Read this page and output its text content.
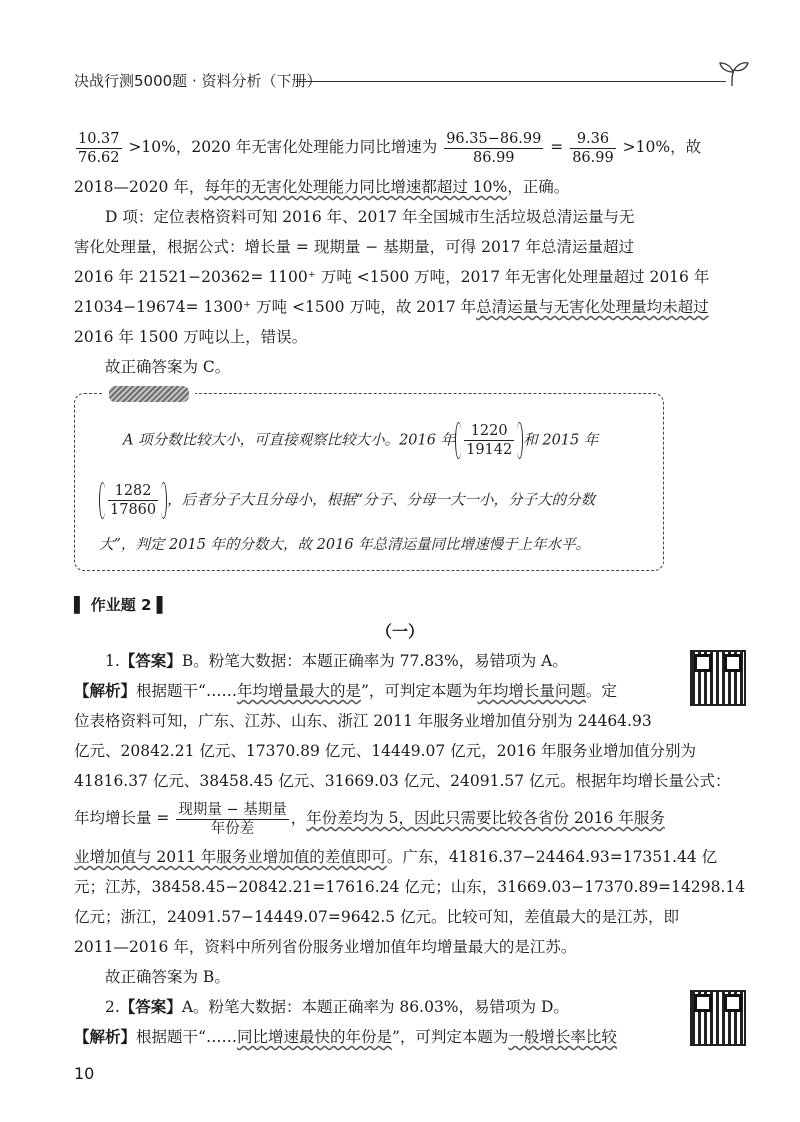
决战行测5000题 · 资料分析（下册）
$\frac{10.37}{76.62} >10\%$，2020 年无害化处理能力同比增速为 $\frac{96.35-86.99}{86.99} = \frac{9.36}{86.99} >10\%$，故
2018—2020 年，每年的无害化处理能力同比增速都超过 10%，正确。
D 项：定位表格资料可知 2016 年、2017 年全国城市生活垃圾总清运量与无
害化处理量，根据公式：增长量 = 现期量 − 基期量，可得 2017 年总清运量超过
2016 年 21521−20362= 1100⁺ 万吨 <1500 万吨，2017 年无害化处理量超过 2016 年
21034−19674= 1300⁺ 万吨 <1500 万吨，故 2017 年总清运量与无害化处理量均未超过
2016 年 1500 万吨以上，错误。
故正确答案为 C。
A 项分数比较大小，可直接观察比较大小。2016 年 $\frac{1220}{19142}$ 和 2015 年
$\frac{1282}{17860}$ ，后者分子大且分母小，根据“分子、分母一大一小，分子大的分数
大”，判定 2015 年的分数大，故 2016 年总清运量同比增速慢于上年水平。
▌ 作业题 2 ▌
（一）
1.【答案】B。粉笔大数据：本题正确率为 77.83%，易错项为 A。
【解析】根据题干“……年均增量最大的是”，可判定本题为年均增长量问题。定
位表格资料可知，广东、江苏、山东、浙江 2011 年服务业增加值分别为 24464.93
亿元、20842.21 亿元、17370.89 亿元、14449.07 亿元，2016 年服务业增加值分别为
41816.37 亿元、38458.45 亿元、31669.03 亿元、24091.57 亿元。根据年均增长量公式：
年均增长量 = $\frac{\text{现期量 − 基期量}}{\text{年份差}}$ ，年份差均为 5，因此只需要比较各省份 2016 年服务
业增加值与 2011 年服务业增加值的差值即可。广东，41816.37−24464.93=17351.44 亿
元；江苏，38458.45−20842.21=17616.24 亿元；山东，31669.03−17370.89=14298.14
亿元；浙江，24091.57−14449.07=9642.5 亿元。比较可知，差值最大的是江苏，即
2011—2016 年，资料中所列省份服务业增加值年均增量最大的是江苏。
故正确答案为 B。
2.【答案】A。粉笔大数据：本题正确率为 86.03%，易错项为 D。
【解析】根据题干“……同比增速最快的年份是”，可判定本题为一般增长率比较
10
